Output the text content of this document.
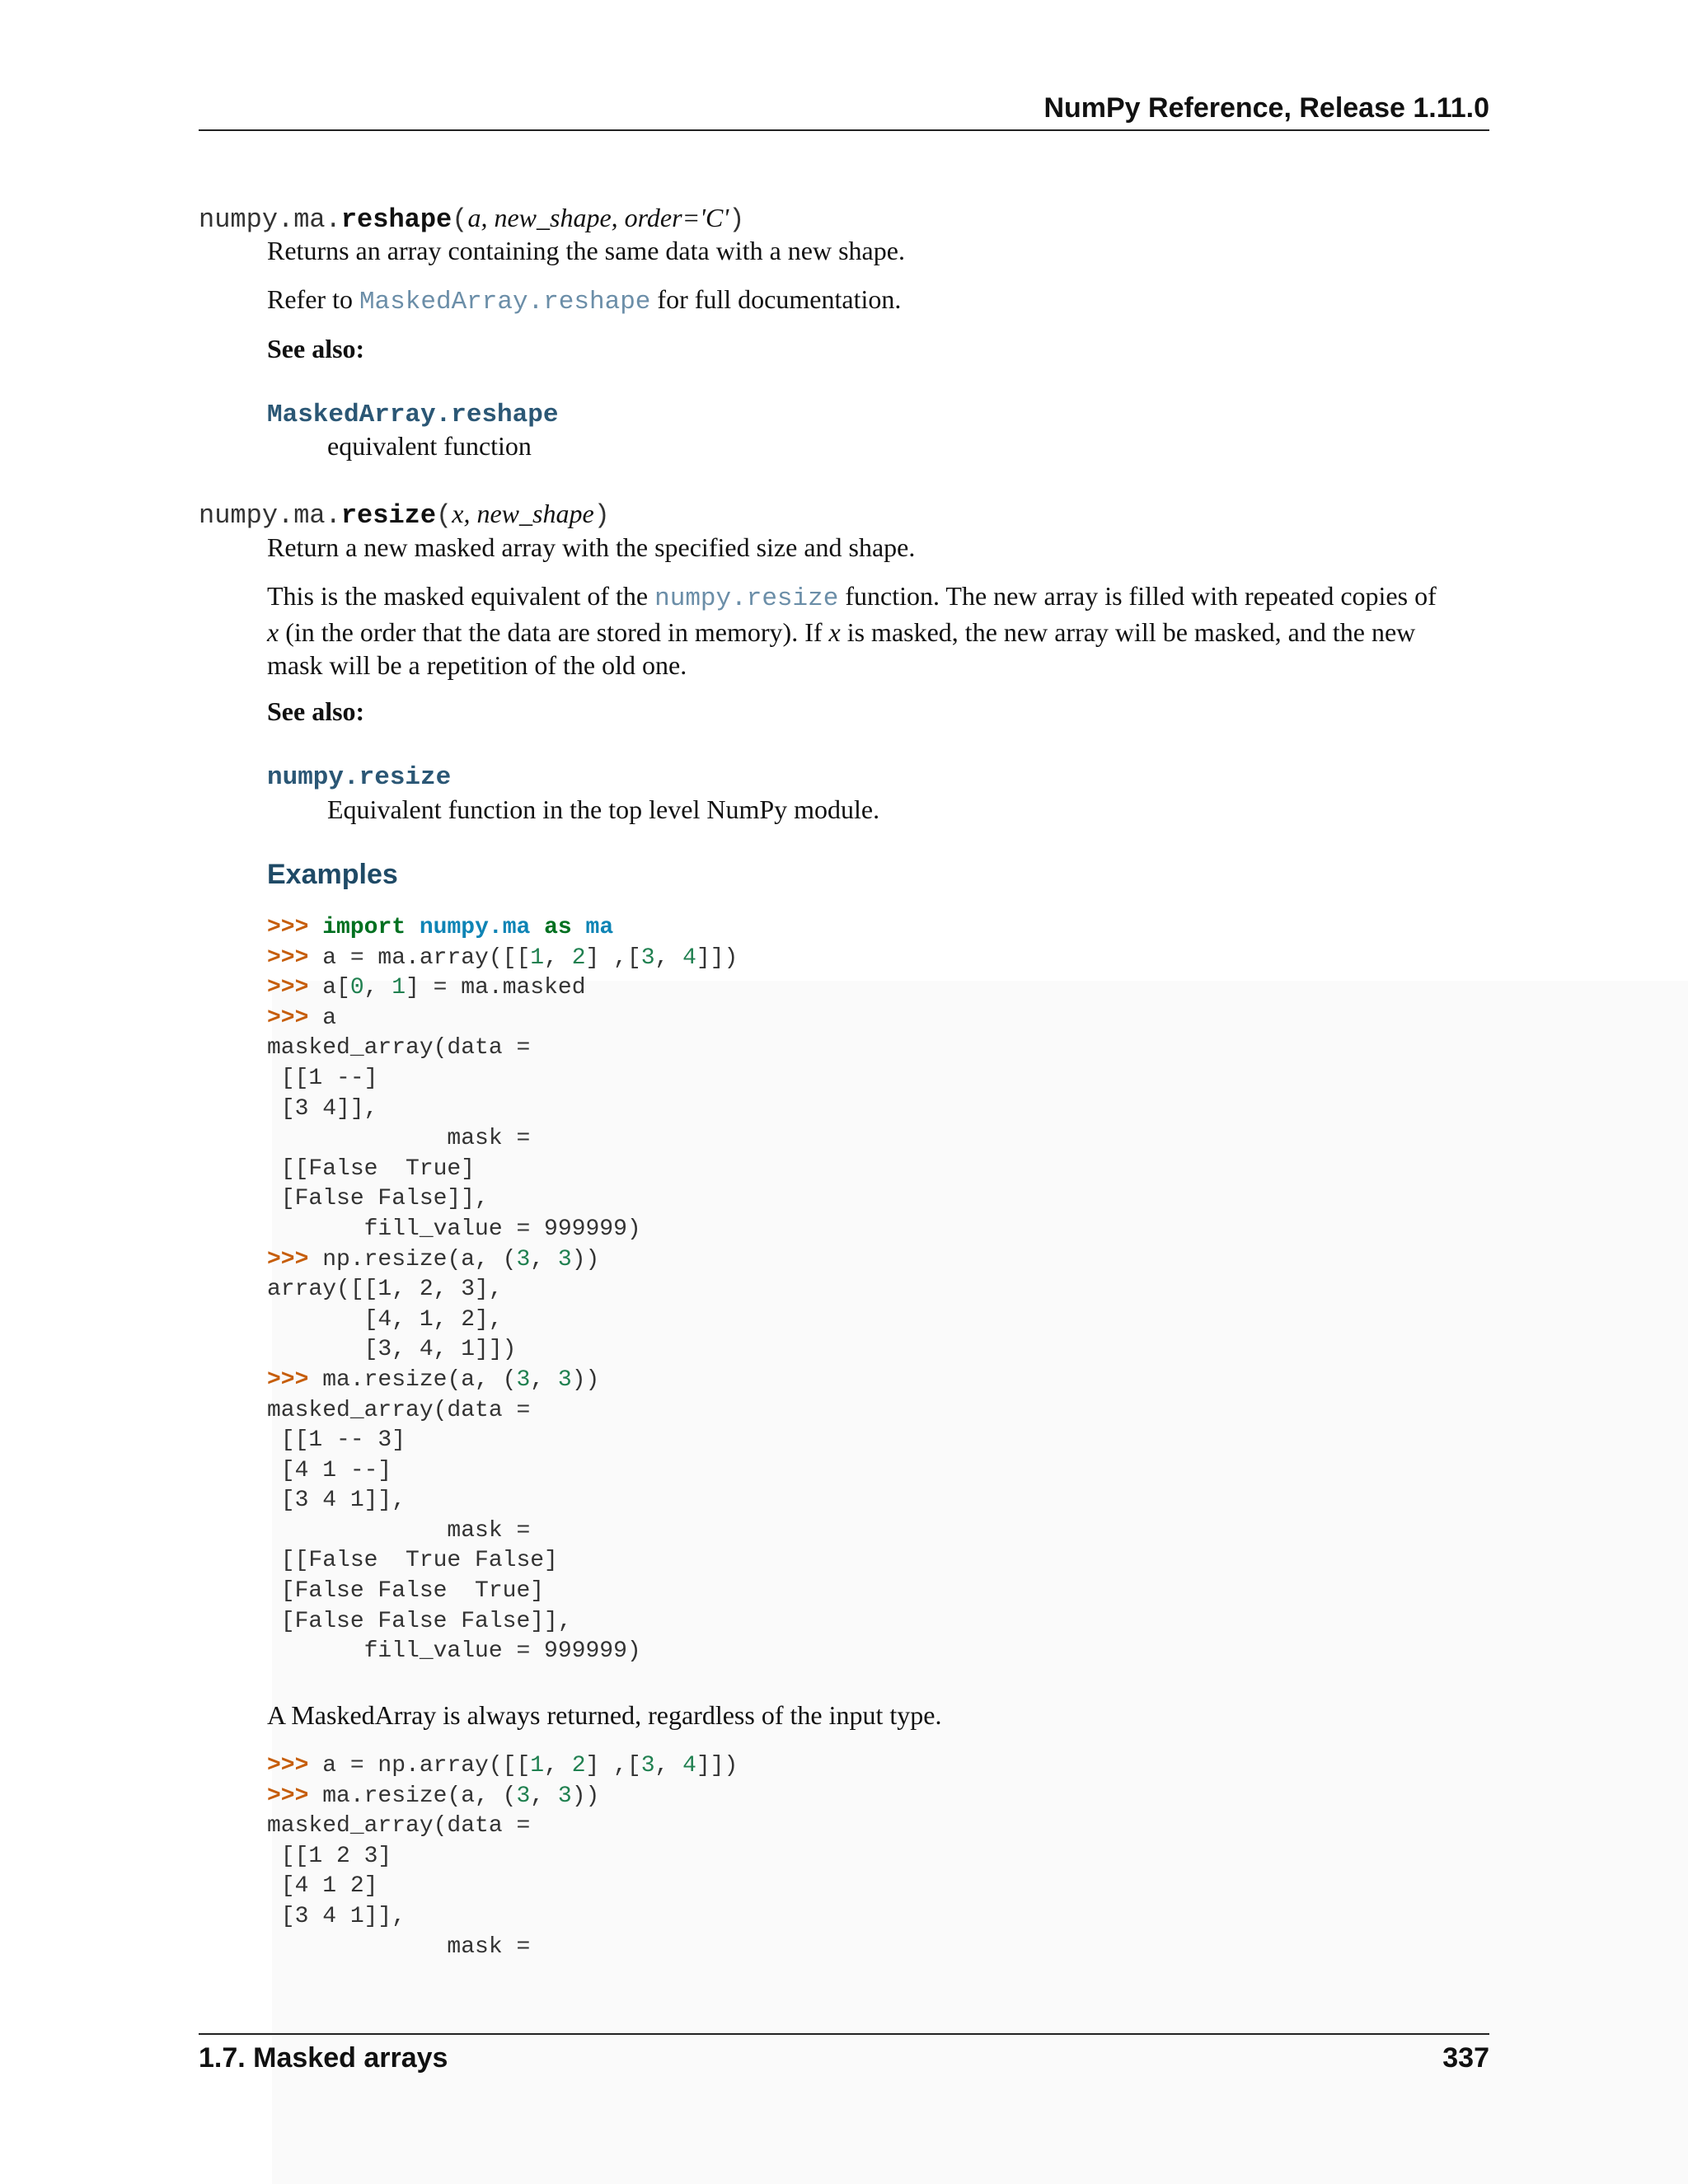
NumPy Reference, Release 1.11.0
numpy.ma.reshape(a, new_shape, order='C')
Returns an array containing the same data with a new shape.
Refer to MaskedArray.reshape for full documentation.
See also:
MaskedArray.reshape
equivalent function
numpy.ma.resize(x, new_shape)
Return a new masked array with the specified size and shape.
This is the masked equivalent of the numpy.resize function. The new array is filled with repeated copies of
x (in the order that the data are stored in memory). If x is masked, the new array will be masked, and the new
mask will be a repetition of the old one.
See also:
numpy.resize
Equivalent function in the top level NumPy module.
Examples
>>> import numpy.ma as ma
>>> a = ma.array([[1, 2] ,[3, 4]])
>>> a[0, 1] = ma.masked
>>> a
masked_array(data =
[[1 --]
[3 4]],
mask =
[[False  True]
[False False]],
fill_value = 999999)
>>> np.resize(a, (3, 3))
array([[1, 2, 3],
[4, 1, 2],
[3, 4, 1]])
>>> ma.resize(a, (3, 3))
masked_array(data =
[[1 -- 3]
[4 1 --]
[3 4 1]],
mask =
[[False  True False]
[False False  True]
[False False False]],
fill_value = 999999)
A MaskedArray is always returned, regardless of the input type.
>>> a = np.array([[1, 2] ,[3, 4]])
>>> ma.resize(a, (3, 3))
masked_array(data =
[[1 2 3]
[4 1 2]
[3 4 1]],
mask =
1.7. Masked arrays	337
